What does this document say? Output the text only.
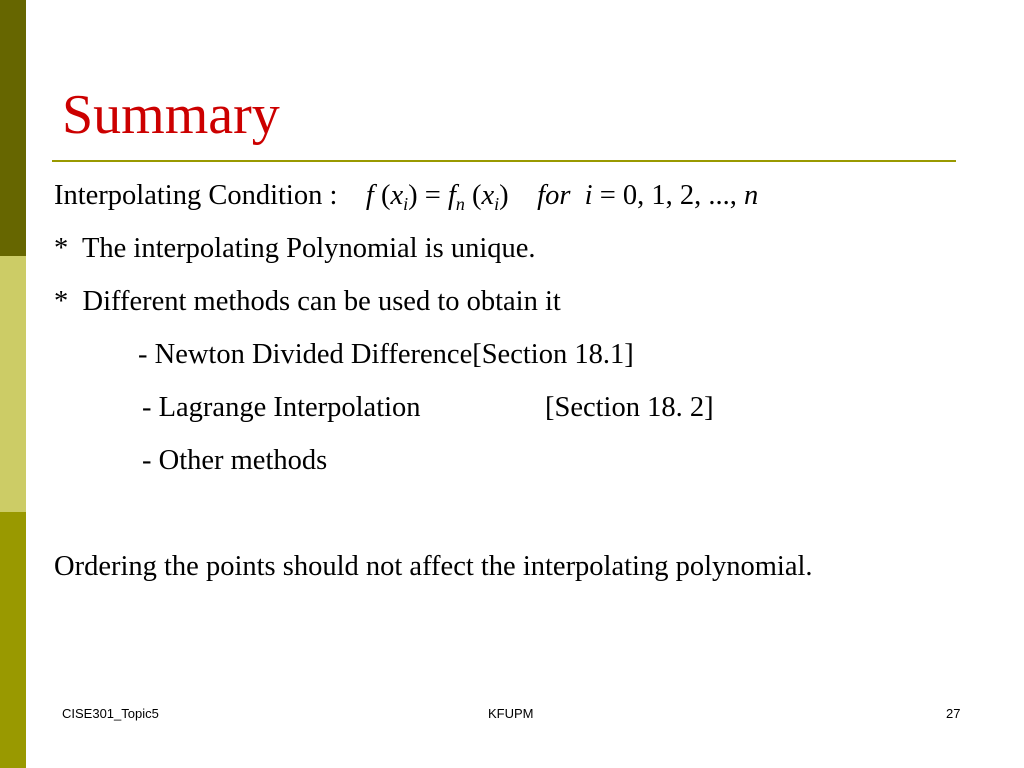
Summary
Interpolating Condition : f $(x_i) = f_n$ $(x_i)$ for i = 0, 1, 2, ..., n
*  The interpolating Polynomial is unique.
*  Different methods can be used to obtain it
- Newton Divided Difference[Section 18.1]
- Lagrange Interpolation	[Section 18. 2]
- Other methods
Ordering the points should not affect the interpolating polynomial.
CISE301_Topic5	KFUPM	27
